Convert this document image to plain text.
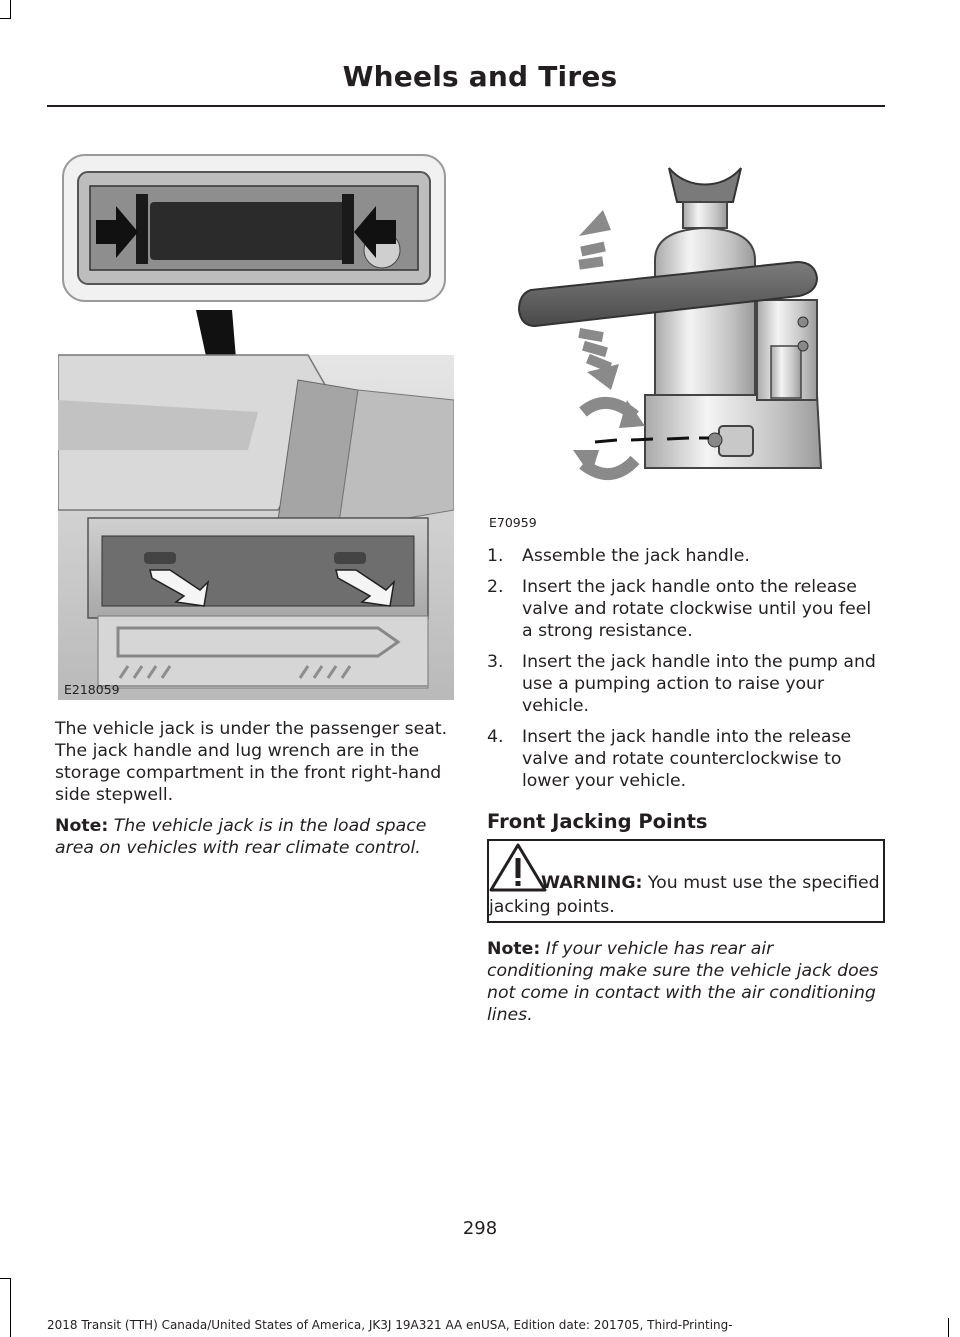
Wheels and Tires
E218059
E70959

The vehicle jack is under the passenger seat. The jack handle and lug wrench are in the storage compartment in the front right-hand side stepwell.

Note: The vehicle jack is in the load space area on vehicles with rear climate control.

1. Assemble the jack handle.
2. Insert the jack handle onto the release valve and rotate clockwise until you feel a strong resistance.
3. Insert the jack handle into the pump and use a pumping action to raise your vehicle.
4. Insert the jack handle into the release valve and rotate counterclockwise to lower your vehicle.
Front Jacking Points
WARNING: You must use the specified jacking points.

Note: If your vehicle has rear air conditioning make sure the vehicle jack does not come in contact with the air conditioning lines.

298
2018 Transit (TTH) Canada/United States of America, JK3J 19A321 AA enUSA, Edition date: 201705, Third-Printing-
